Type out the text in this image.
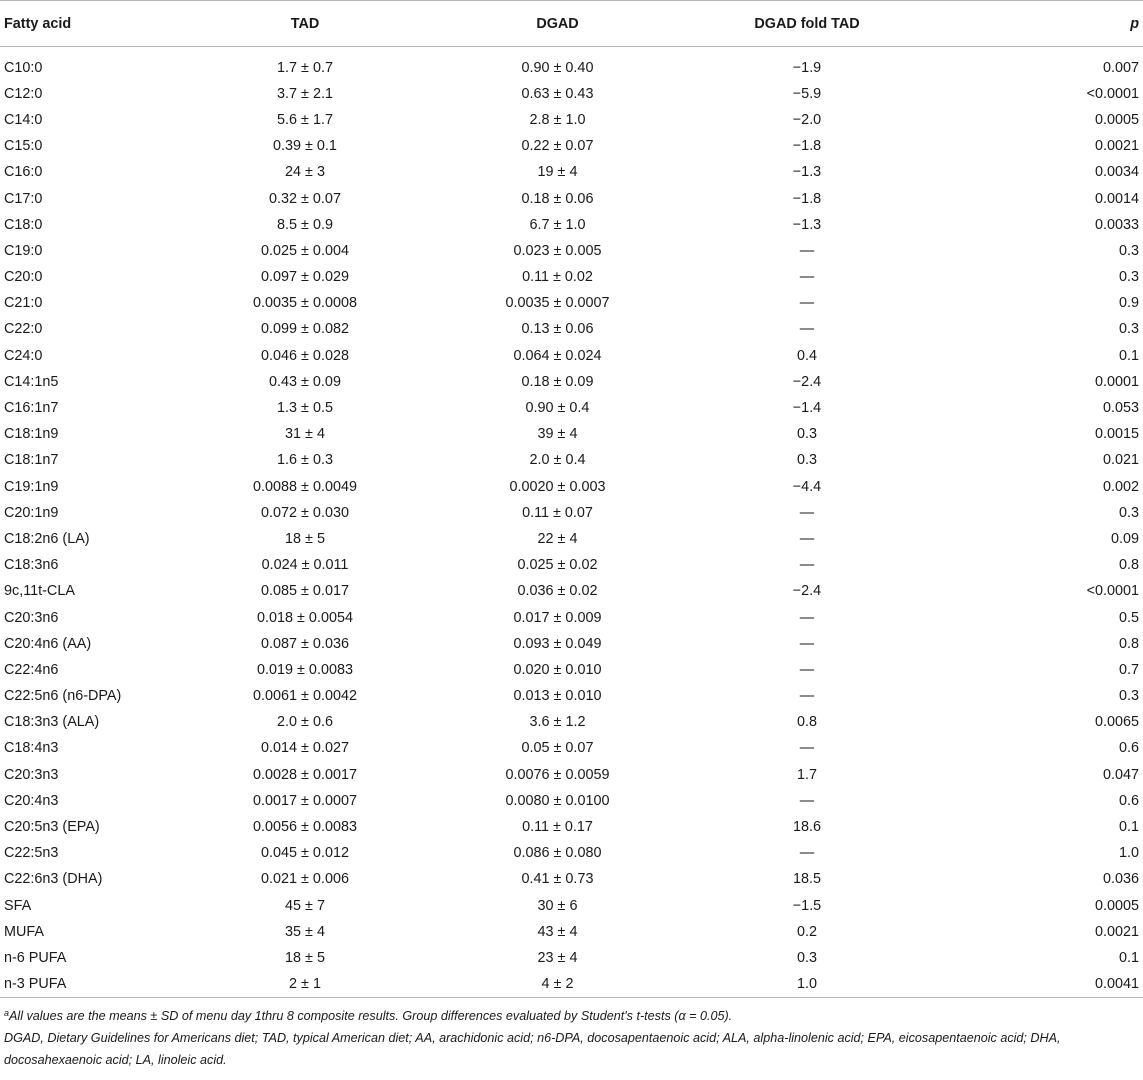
Fatty acid	TAD	DGAD	DGAD fold TAD	p

C10:0	1.7 ± 0.7	0.90 ± 0.40	−1.9	0.007
C12:0	3.7 ± 2.1	0.63 ± 0.43	−5.9	<0.0001
C14:0	5.6 ± 1.7	2.8 ± 1.0	−2.0	0.0005
C15:0	0.39 ± 0.1	0.22 ± 0.07	−1.8	0.0021
C16:0	24 ± 3	19 ± 4	−1.3	0.0034
C17:0	0.32 ± 0.07	0.18 ± 0.06	−1.8	0.0014
C18:0	8.5 ± 0.9	6.7 ± 1.0	−1.3	0.0033
C19:0	0.025 ± 0.004	0.023 ± 0.005	—	0.3
C20:0	0.097 ± 0.029	0.11 ± 0.02	—	0.3
C21:0	0.0035 ± 0.0008	0.0035 ± 0.0007	—	0.9
C22:0	0.099 ± 0.082	0.13 ± 0.06	—	0.3
C24:0	0.046 ± 0.028	0.064 ± 0.024	0.4	0.1
C14:1n5	0.43 ± 0.09	0.18 ± 0.09	−2.4	0.0001
C16:1n7	1.3 ± 0.5	0.90 ± 0.4	−1.4	0.053
C18:1n9	31 ± 4	39 ± 4	0.3	0.0015
C18:1n7	1.6 ± 0.3	2.0 ± 0.4	0.3	0.021
C19:1n9	0.0088 ± 0.0049	0.0020 ± 0.003	−4.4	0.002
C20:1n9	0.072 ± 0.030	0.11 ± 0.07	—	0.3
C18:2n6 (LA)	18 ± 5	22 ± 4	—	0.09
C18:3n6	0.024 ± 0.011	0.025 ± 0.02	—	0.8
9c,11t-CLA	0.085 ± 0.017	0.036 ± 0.02	−2.4	<0.0001
C20:3n6	0.018 ± 0.0054	0.017 ± 0.009	—	0.5
C20:4n6 (AA)	0.087 ± 0.036	0.093 ± 0.049	—	0.8
C22:4n6	0.019 ± 0.0083	0.020 ± 0.010	—	0.7
C22:5n6 (n6-DPA)	0.0061 ± 0.0042	0.013 ± 0.010	—	0.3
C18:3n3 (ALA)	2.0 ± 0.6	3.6 ± 1.2	0.8	0.0065
C18:4n3	0.014 ± 0.027	0.05 ± 0.07	—	0.6
C20:3n3	0.0028 ± 0.0017	0.0076 ± 0.0059	1.7	0.047
C20:4n3	0.0017 ± 0.0007	0.0080 ± 0.0100	—	0.6
C20:5n3 (EPA)	0.0056 ± 0.0083	0.11 ± 0.17	18.6	0.1
C22:5n3	0.045 ± 0.012	0.086 ± 0.080	—	1.0
C22:6n3 (DHA)	0.021 ± 0.006	0.41 ± 0.73	18.5	0.036
SFA	45 ± 7	30 ± 6	−1.5	0.0005
MUFA	35 ± 4	43 ± 4	0.2	0.0021
n-6 PUFA	18 ± 5	23 ± 4	0.3	0.1
n-3 PUFA	2 ± 1	4 ± 2	1.0	0.0041
$^a$All values are the means ± SD of menu day 1thru 8 composite results. Group differences evaluated by Student's t-tests (α = 0.05).
DGAD, Dietary Guidelines for Americans diet; TAD, typical American diet; AA, arachidonic acid; n6-DPA, docosapentaenoic acid; ALA, alpha-linolenic acid; EPA, eicosapentaenoic acid; DHA, docosahexaenoic acid; LA, linoleic acid.
